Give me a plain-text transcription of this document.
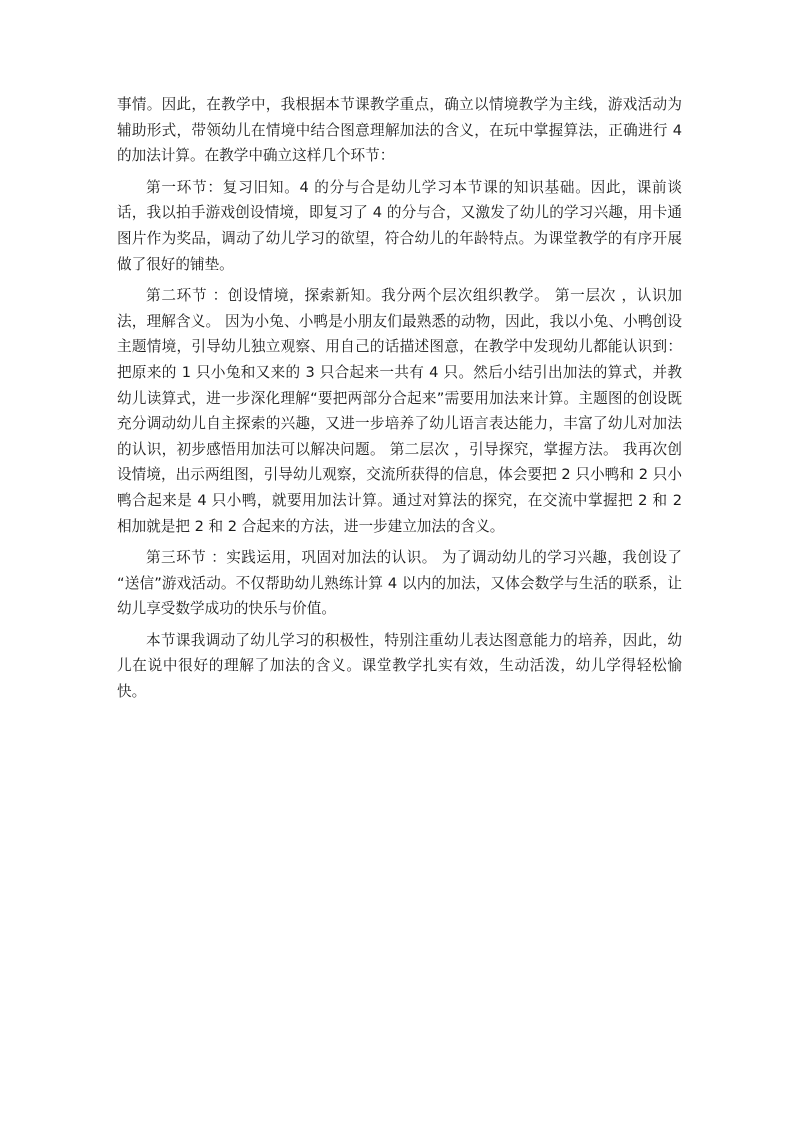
事情。因此，在教学中，我根据本节课教学重点，确立以情境教学为主线，游戏活动为辅助形式，带领幼儿在情境中结合图意理解加法的含义，在玩中掌握算法，正确进行 4 的加法计算。在教学中确立这样几个环节：

第一环节：复习旧知。4 的分与合是幼儿学习本节课的知识基础。因此，课前谈话，我以拍手游戏创设情境，即复习了 4 的分与合，又激发了幼儿的学习兴趣，用卡通图片作为奖品，调动了幼儿学习的欲望，符合幼儿的年龄特点。为课堂教学的有序开展做了很好的铺垫。

第二环节 ：创设情境，探索新知。我分两个层次组织教学。 第一层次 ，认识加法，理解含义。 因为小兔、小鸭是小朋友们最熟悉的动物，因此，我以小兔、小鸭创设主题情境，引导幼儿独立观察、用自己的话描述图意，在教学中发现幼儿都能认识到：把原来的 1 只小兔和又来的 3 只合起来一共有 4 只。然后小结引出加法的算式，并教幼儿读算式，进一步深化理解“要把两部分合起来”需要用加法来计算。主题图的创设既充分调动幼儿自主探索的兴趣，又进一步培养了幼儿语言表达能力，丰富了幼儿对加法的认识，初步感悟用加法可以解决问题。 第二层次 ，引导探究，掌握方法。 我再次创设情境，出示两组图，引导幼儿观察，交流所获得的信息，体会要把 2 只小鸭和 2 只小鸭合起来是 4 只小鸭，就要用加法计算。通过对算法的探究，在交流中掌握把 2 和 2 相加就是把 2 和 2 合起来的方法，进一步建立加法的含义。

第三环节 ：实践运用，巩固对加法的认识。 为了调动幼儿的学习兴趣，我创设了 “送信”游戏活动。不仅帮助幼儿熟练计算 4 以内的加法，又体会数学与生活的联系，让幼儿享受数学成功的快乐与价值。

本节课我调动了幼儿学习的积极性，特别注重幼儿表达图意能力的培养，因此，幼儿在说中很好的理解了加法的含义。课堂教学扎实有效，生动活泼，幼儿学得轻松愉快。
